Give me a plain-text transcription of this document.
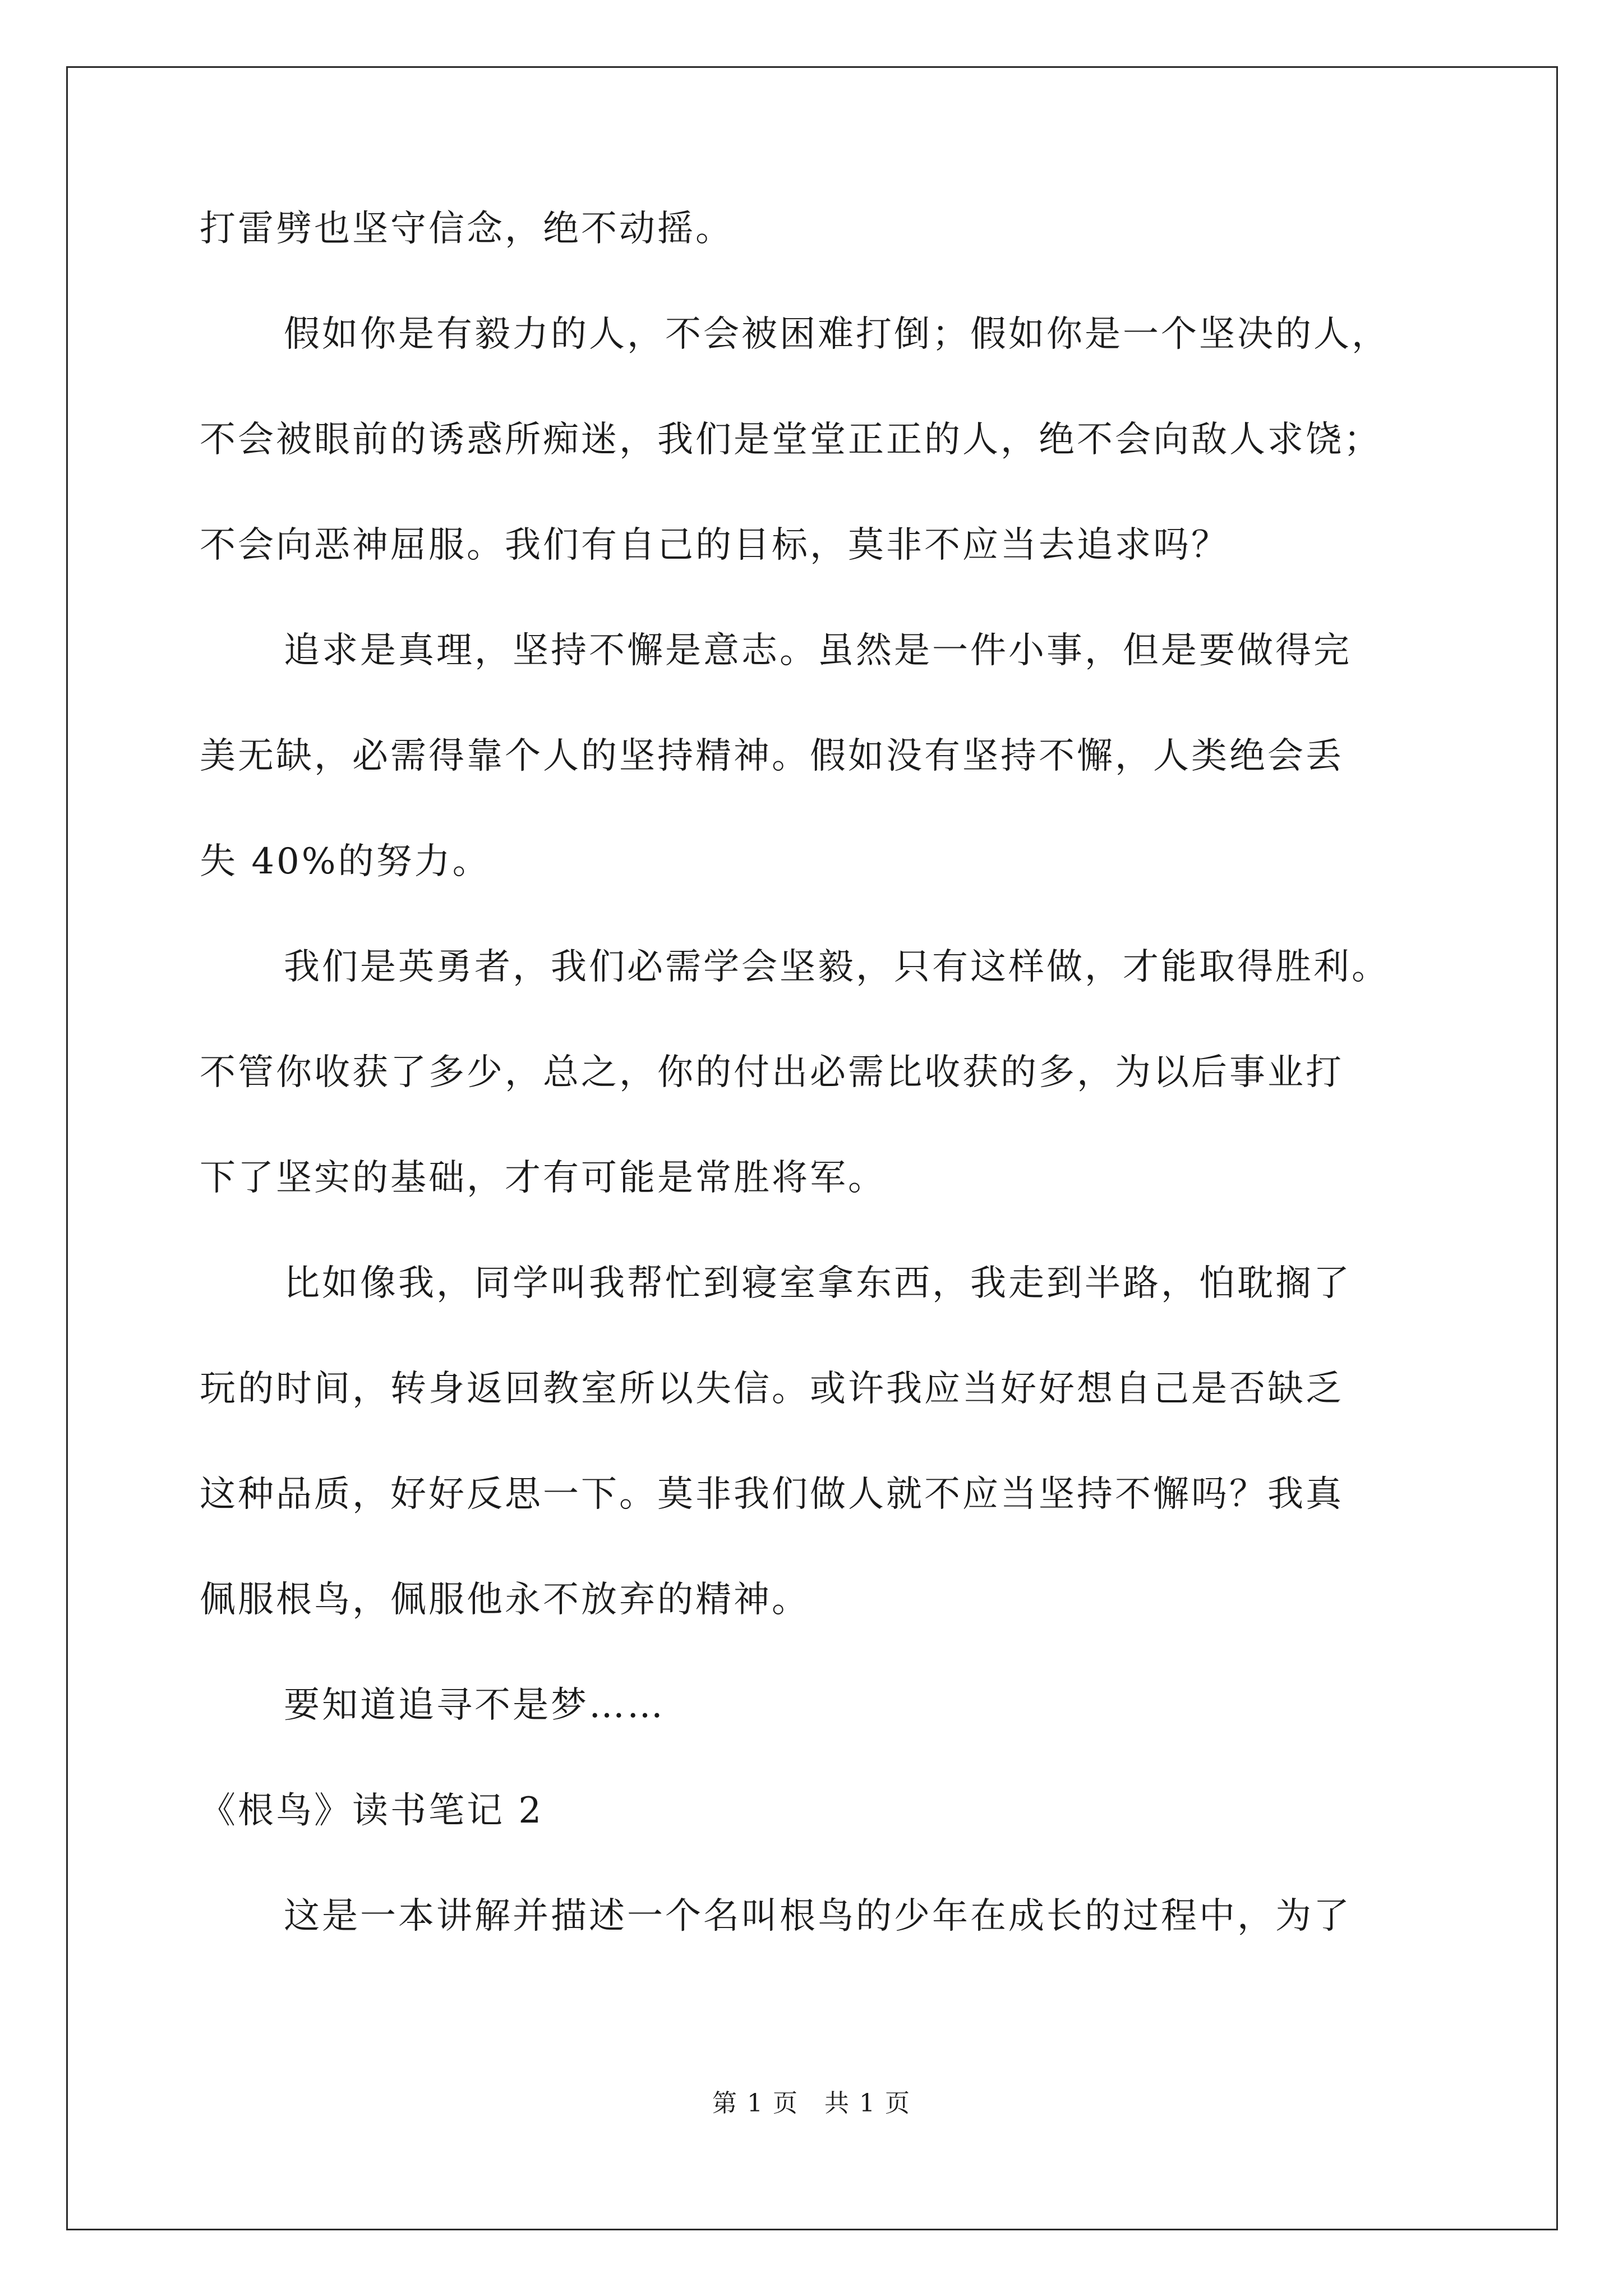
打雷劈也坚守信念，绝不动摇。
假如你是有毅力的人，不会被困难打倒；假如你是一个坚决的人，
不会被眼前的诱惑所痴迷，我们是堂堂正正的人，绝不会向敌人求饶；
不会向恶神屈服。我们有自己的目标，莫非不应当去追求吗？
追求是真理，坚持不懈是意志。虽然是一件小事，但是要做得完
美无缺，必需得靠个人的坚持精神。假如没有坚持不懈，人类绝会丢
失 40%的努力。
我们是英勇者，我们必需学会坚毅，只有这样做，才能取得胜利。
不管你收获了多少，总之，你的付出必需比收获的多，为以后事业打
下了坚实的基础，才有可能是常胜将军。
比如像我，同学叫我帮忙到寝室拿东西，我走到半路，怕耽搁了
玩的时间，转身返回教室所以失信。或许我应当好好想自己是否缺乏
这种品质，好好反思一下。莫非我们做人就不应当坚持不懈吗？我真
佩服根鸟，佩服他永不放弃的精神。
要知道追寻不是梦……
《根鸟》读书笔记 2
这是一本讲解并描述一个名叫根鸟的少年在成长的过程中，为了
第 1 页　共 1 页
